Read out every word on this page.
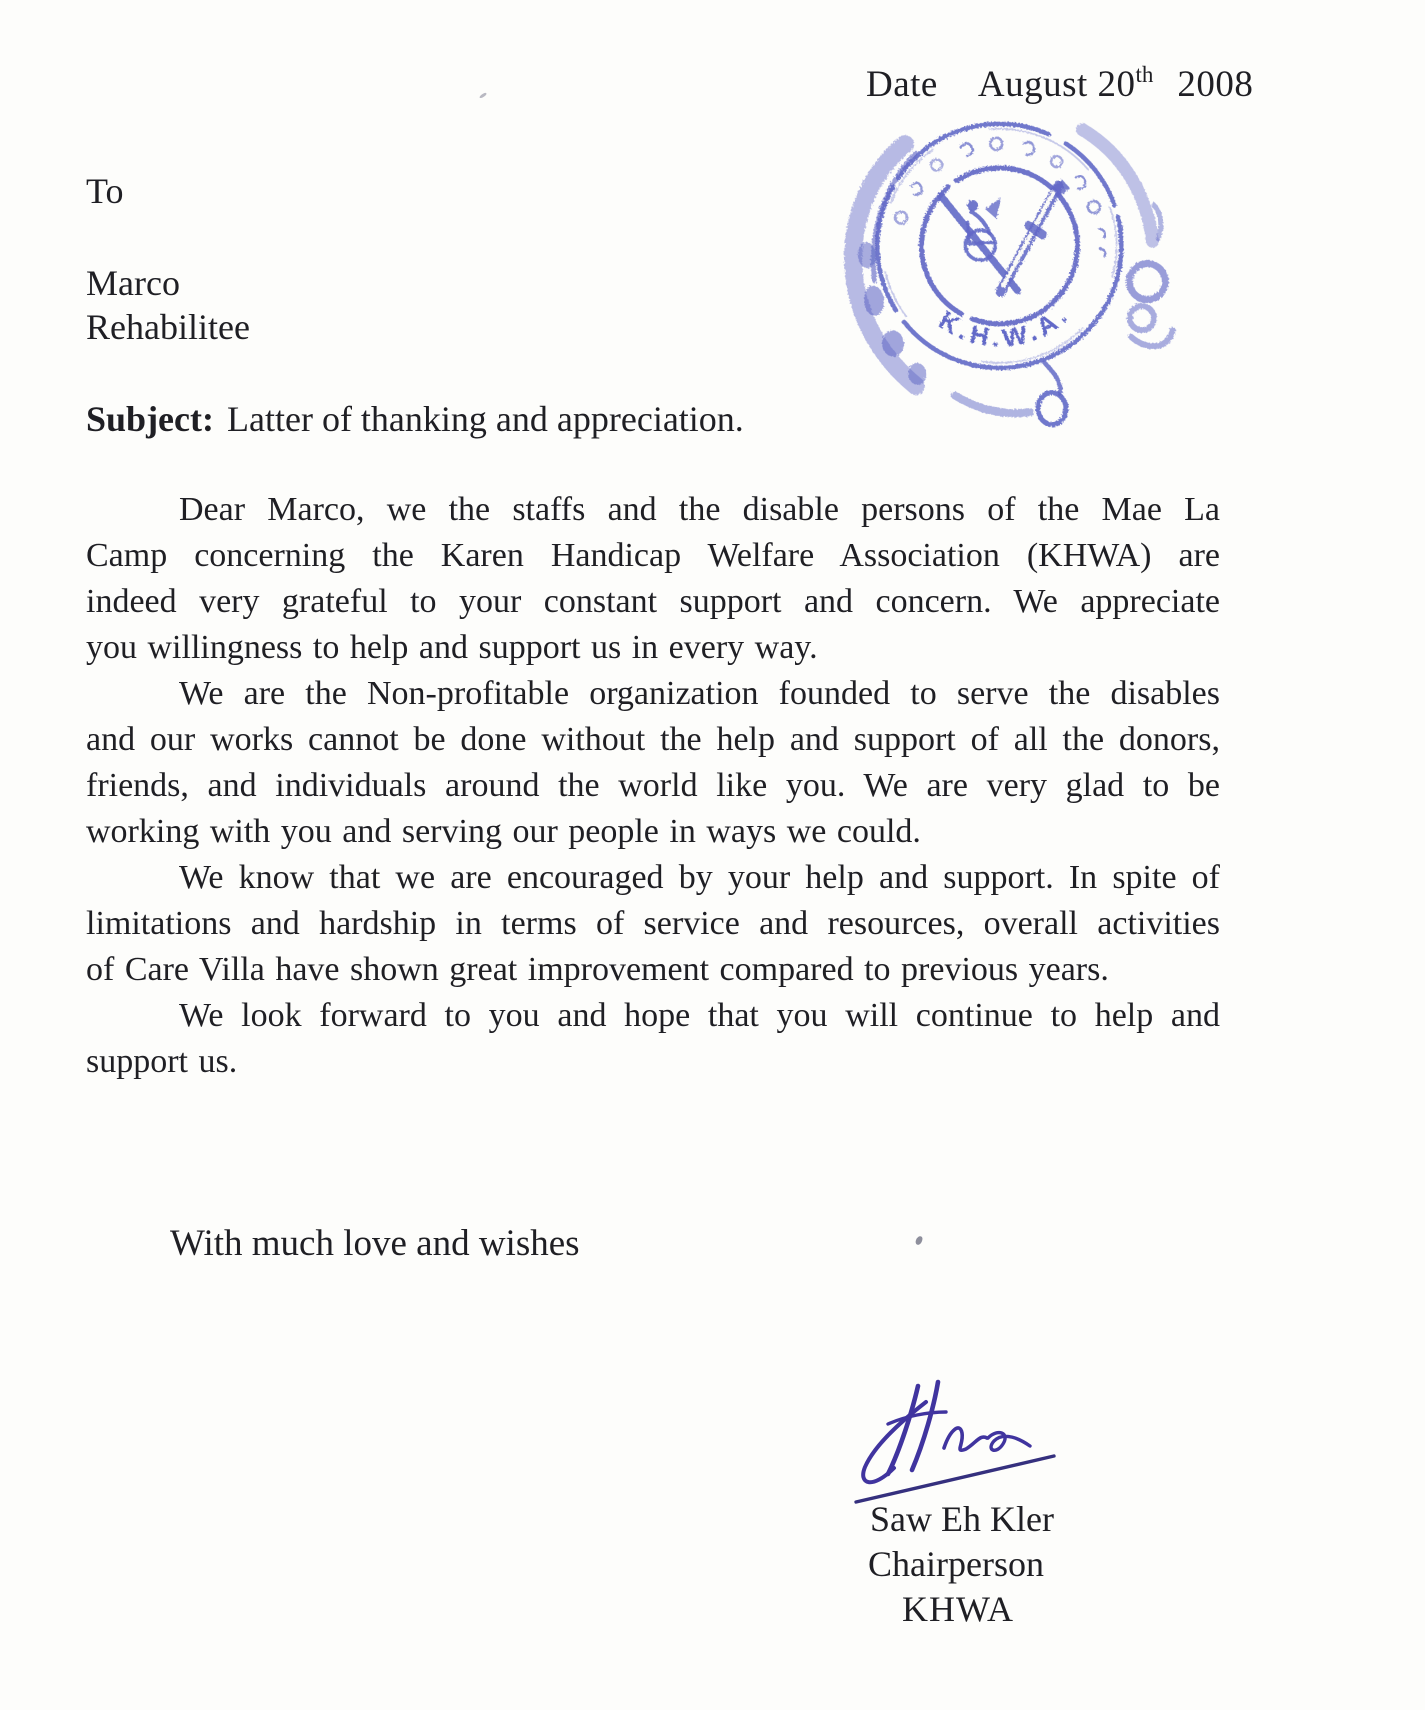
Date August 20th 2008
K.H.W.A.
To
Marco
Rehabilitee
Subject: Latter of thanking and appreciation.

Dear Marco, we the staffs and the disable persons of the Mae La
Camp concerning the Karen Handicap Welfare Association (KHWA) are
indeed very grateful to your constant support and concern. We appreciate
you willingness to help and support us in every way.

We are the Non-profitable organization founded to serve the disables
and our works cannot be done without the help and support of all the donors,
friends, and individuals around the world like you. We are very glad to be
working with you and serving our people in ways we could.

We know that we are encouraged by your help and support. In spite of
limitations and hardship in terms of service and resources, overall activities
of Care Villa have shown great improvement compared to previous years.

We look forward to you and hope that you will continue to help and
support us.

With much love and wishes
Saw Eh Kler
Chairperson
KHWA
